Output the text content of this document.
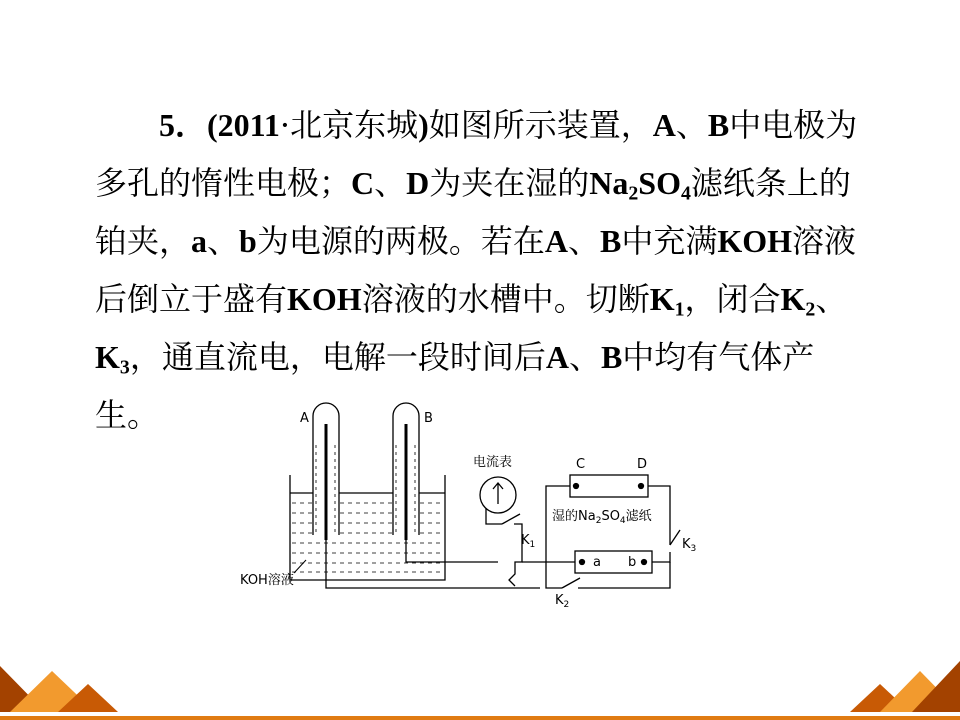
5．(2011·北京东城)如图所示装置，A、B中电极为
多孔的惰性电极；C、D为夹在湿的$Na_2SO_4$滤纸条上的
铂夹，a、b为电源的两极。若在A、B中充满KOH溶液
后倒立于盛有KOH溶液的水槽中。切断$K_1$，闭合$K_2$、
$K_3$，通直流电，电解一段时间后A、B中均有气体产
生。	A	B
电流表	C	D
湿的$Na_2SO_4$滤纸
$K_1$	$K_3$
a b
$K_2$
KOH溶液
